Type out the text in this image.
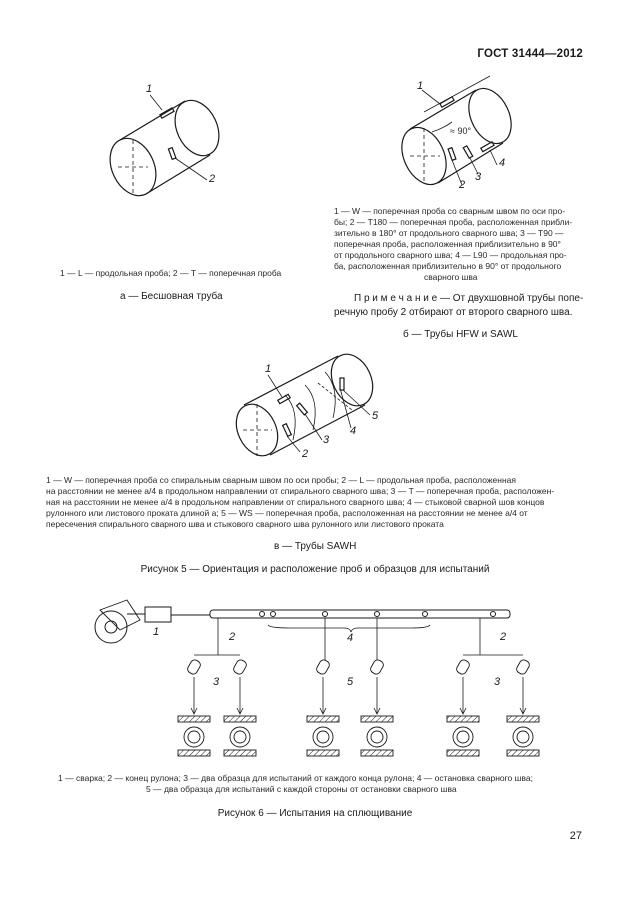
ГОСТ 31444—2012
1
2
1 — L — продольная проба; 2 — T — поперечная проба
а — Бесшовная труба
1
2
3
4
≈ 90°
1 — W — поперечная проба со сварным швом по оси про-
бы; 2 — T180 — поперечная проба, расположенная прибли-
зительно в 180° от продольного сварного шва; 3 — T90 —
поперечная проба, расположенная приблизительно в 90°
от продольного сварного шва; 4 — L90 — продольная про-
ба, расположенная приблизительно в 90° от продольного
сварного шва
П р и м е ч а н и е — От двухшовной трубы попе-
речную пробу 2 отбирают от второго сварного шва.
б — Трубы HFW и SAWL
1
2
3
4
5
1 — W — поперечная проба со спиральным сварным швом по оси пробы; 2 — L — продольная проба, расположенная
на расстоянии не менее a/4 в продольном направлении от спирального сварного шва; 3 — T — поперечная проба, расположен-
ная на расстоянии не менее a/4 в продольном направлении от спирального сварного шва; 4 — стыковой сварной шов концов
рулонного или листового проката длиной a; 5 — WS — поперечная проба, расположенная на расстоянии не менее a/4 от
пересечения спирального сварного шва и стыкового сварного шва рулонного или листового проката
в — Трубы SAWH
Рисунок 5 — Ориентация и расположение проб и образцов для испытаний
1	2	4	2
3	5	3
1 — сварка; 2 — конец рулона; 3 — два образца для испытаний от каждого конца рулона; 4 — остановка сварного шва;
5 — два образца для испытаний с каждой стороны от остановки сварного шва
Рисунок 6 — Испытания на сплющивание
27
